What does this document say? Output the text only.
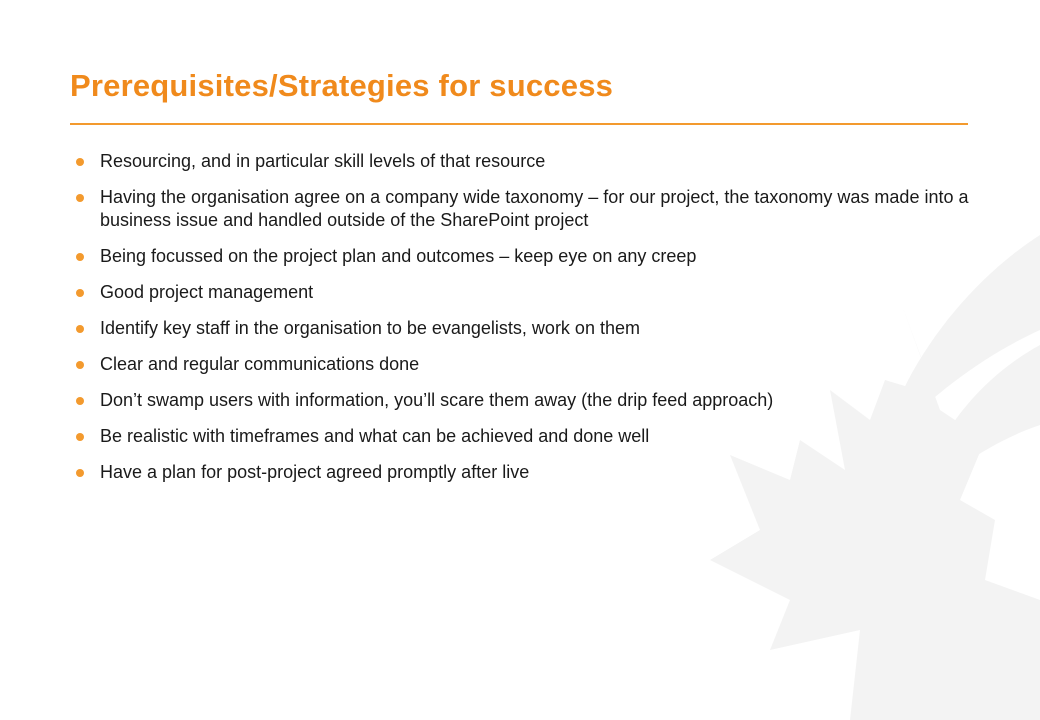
Prerequisites/Strategies for success
Resourcing, and in particular skill levels of that resource
Having the organisation agree on a company wide taxonomy – for our project, the taxonomy was made into a business issue and handled outside of the SharePoint project
Being focussed on the project plan and outcomes – keep eye on any creep
Good project management
Identify key staff in the organisation to be evangelists, work on them
Clear and regular communications done
Don’t swamp users with information, you’ll scare them away (the drip feed approach)
Be realistic with timeframes and what can be achieved and done well
Have a plan for post-project agreed promptly after live
